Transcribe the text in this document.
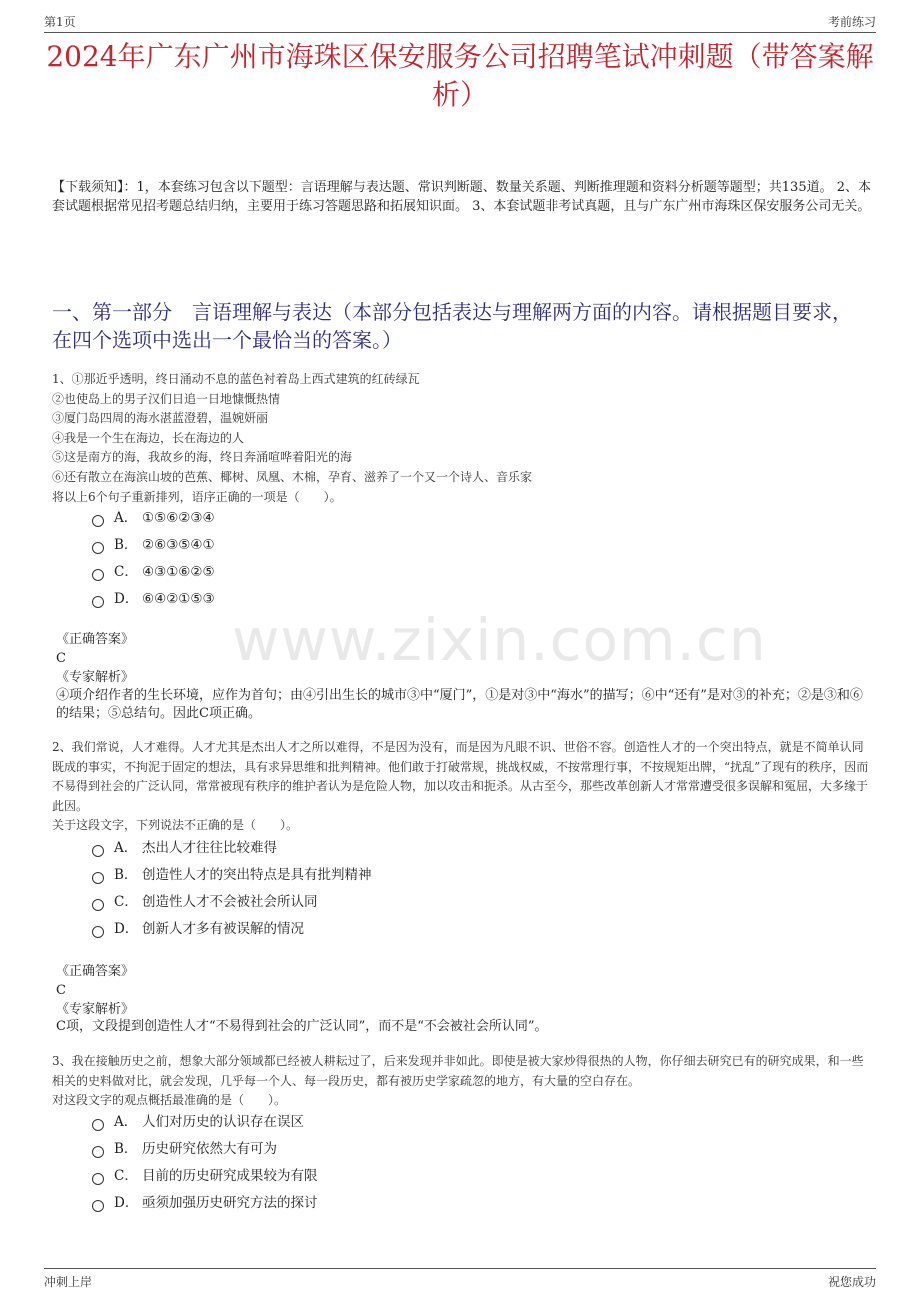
第1页	考前练习
2024年广东广州市海珠区保安服务公司招聘笔试冲刺题（带答案解析）
【下载须知】：1，本套练习包含以下题型：言语理解与表达题、常识判断题、数量关系题、判断推理题和资料分析题等题型；共135道。 2、本套试题根据常见招考题总结归纳，主要用于练习答题思路和拓展知识面。 3、本套试题非考试真题，且与广东广州市海珠区保安服务公司无关。
一、第一部分　言语理解与表达（本部分包括表达与理解两方面的内容。请根据题目要求，在四个选项中选出一个最恰当的答案。）
www.zixin.com.cn

1、①那近乎透明，终日涌动不息的蓝色衬着岛上西式建筑的红砖绿瓦

②也使岛上的男子汉们日追一日地慷慨热情

③厦门岛四周的海水湛蓝澄碧，温婉妍丽

④我是一个生在海边，长在海边的人

⑤这是南方的海，我故乡的海，终日奔涌喧哗着阳光的海

⑥还有散立在海滨山坡的芭蕉、椰树、凤凰、木棉，孕育、滋养了一个又一个诗人、音乐家

将以上6个句子重新排列，语序正确的一项是（　　）。

A． ①⑤⑥②③④
B． ②⑥③⑤④①
C． ④③①⑥②⑤
D． ⑥④②①⑤③

《正确答案》

C

《专家解析》

④项介绍作者的生长环境，应作为首句；由④引出生长的城市③中“厦门”，①是对③中“海水”的描写；⑥中“还有”是对③的补充；②是③和⑥的结果；⑤总结句。因此C项正确。

2、我们常说，人才难得。人才尤其是杰出人才之所以难得，不是因为没有，而是因为凡眼不识、世俗不容。创造性人才的一个突出特点，就是不简单认同既成的事实，不拘泥于固定的想法，具有求异思维和批判精神。他们敢于打破常规，挑战权威，不按常理行事，不按规矩出牌，“扰乱”了现有的秩序，因而不易得到社会的广泛认同，常常被现有秩序的维护者认为是危险人物，加以攻击和扼杀。从古至今，那些改革创新人才常常遭受很多误解和冤屈，大多缘于此因。

关于这段文字，下列说法不正确的是（　　）。

A． 杰出人才往往比较难得
B． 创造性人才的突出特点是具有批判精神
C． 创造性人才不会被社会所认同
D． 创新人才多有被误解的情况

《正确答案》

C

《专家解析》

C项，文段提到创造性人才“不易得到社会的广泛认同”，而不是“不会被社会所认同”。

3、我在接触历史之前，想象大部分领域都已经被人耕耘过了，后来发现并非如此。即使是被大家炒得很热的人物，你仔细去研究已有的研究成果，和一些相关的史料做对比，就会发现，几乎每一个人、每一段历史，都有被历史学家疏忽的地方，有大量的空白存在。

对这段文字的观点概括最准确的是（　　）。

A． 人们对历史的认识存在误区
B． 历史研究依然大有可为
C． 目前的历史研究成果较为有限
D． 亟须加强历史研究方法的探讨
冲刺上岸	祝您成功
